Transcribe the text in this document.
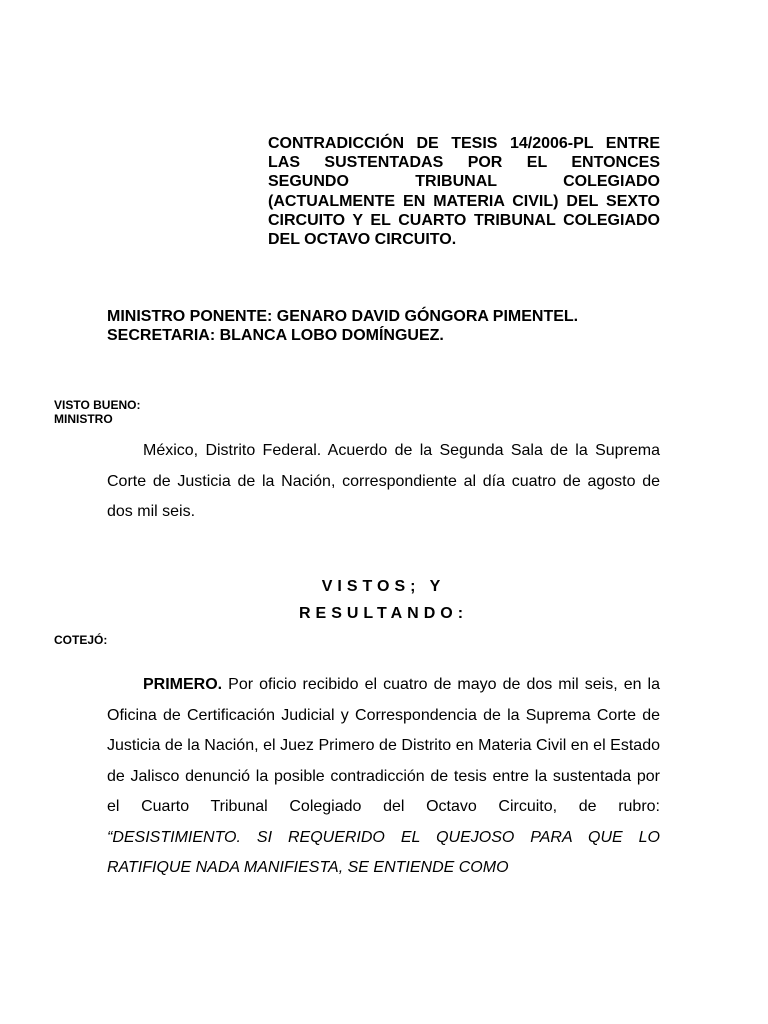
CONTRADICCIÓN DE TESIS 14/2006-PL ENTRE LAS SUSTENTADAS POR EL ENTONCES SEGUNDO TRIBUNAL COLEGIADO (ACTUALMENTE EN MATERIA CIVIL) DEL SEXTO CIRCUITO Y EL CUARTO TRIBUNAL COLEGIADO DEL OCTAVO CIRCUITO.

MINISTRO PONENTE: GENARO DAVID GÓNGORA PIMENTEL.

SECRETARIA: BLANCA LOBO DOMÍNGUEZ.

VISTO BUENO:
MINISTRO

México, Distrito Federal. Acuerdo de la Segunda Sala de la Suprema Corte de Justicia de la Nación, correspondiente al día cuatro de agosto de dos mil seis.

VISTOS; Y

RESULTANDO:

COTEJÓ:

PRIMERO. Por oficio recibido el cuatro de mayo de dos mil seis, en la Oficina de Certificación Judicial y Correspondencia de la Suprema Corte de Justicia de la Nación, el Juez Primero de Distrito en Materia Civil en el Estado de Jalisco denunció la posible contradicción de tesis entre la sustentada por el Cuarto Tribunal Colegiado del Octavo Circuito, de rubro: “DESISTIMIENTO. SI REQUERIDO EL QUEJOSO PARA QUE LO RATIFIQUE NADA MANIFIESTA, SE ENTIENDE COMO
